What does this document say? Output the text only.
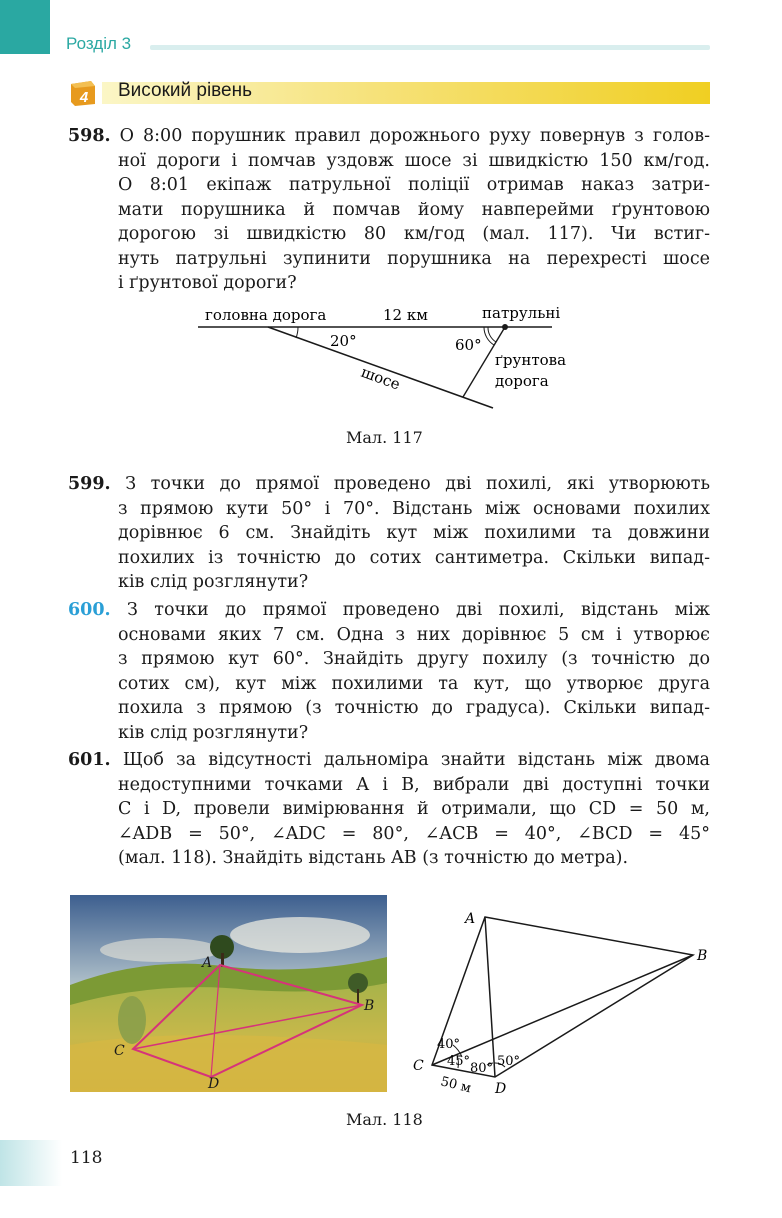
Розділ 3
4 Високий рівень
598. О 8:00 порушник правил дорожнього руху повернув з голов-
ної дороги і помчав уздовж шосе зі швидкістю 150 км/год.
О 8:01 екіпаж патрульної поліції отримав наказ затри-
мати порушника й помчав йому навперейми ґрунтовою
дорогою зі швидкістю 80 км/год (мал. 117). Чи встиг-
нуть патрульні зупинити порушника на перехресті шосе
і ґрунтової дороги?
головна дорога	12 км	патрульні
20°	60°
ґрунтова
дорога
шосе
Мал. 117
599. З точки до прямої проведено дві похилі, які утворюють
з прямою кути 50° і 70°. Відстань між основами похилих
дорівнює 6 см. Знайдіть кут між похилими та довжини
похилих із точністю до сотих сантиметра. Скільки випад-
ків слід розглянути?
600. З точки до прямої проведено дві похилі, відстань між
основами яких 7 см. Одна з них дорівнює 5 см і утворює
з прямою кут 60°. Знайдіть другу похилу (з точністю до
сотих см), кут між похилими та кут, що утворює друга
похила з прямою (з точністю до градуса). Скільки випад-
ків слід розглянути?
601. Щоб за відсутності дальноміра знайти відстань між двома
недоступними точками A і B, вибрали дві доступні точки
C і D, провели вимірювання й отримали, що CD = 50 м,
∠ADB = 50°, ∠ADC = 80°, ∠ACB = 40°, ∠BCD = 45°
(мал. 118). Знайдіть відстань AB (з точністю до метра).
A
B
C
D
A
B
C
D
40°
45° 80° 50°
50 м
Мал. 118
118
